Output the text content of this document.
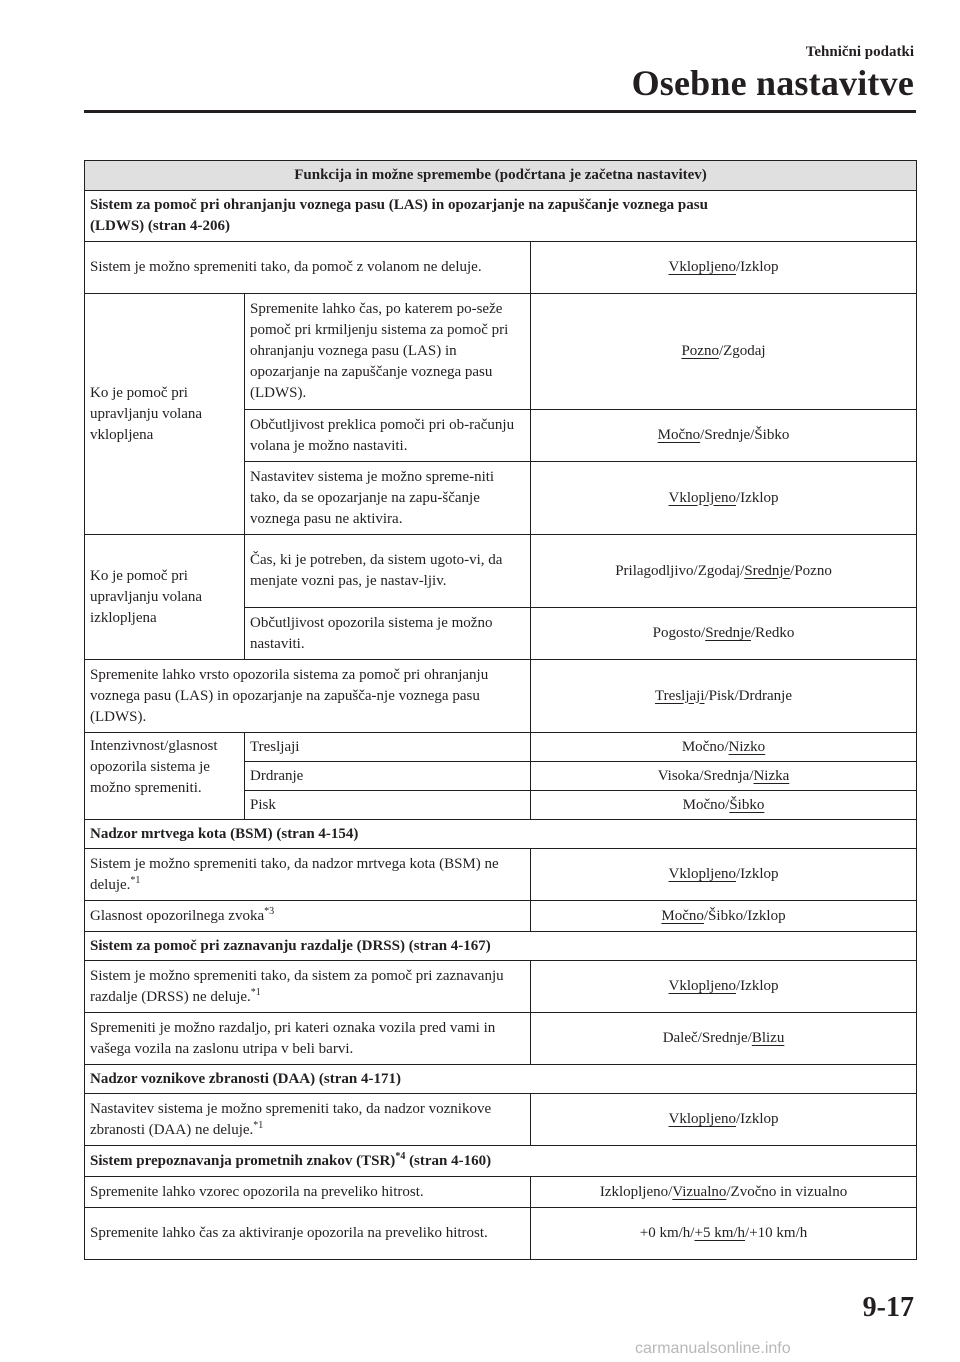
Tehnični podatki
Osebne nastavitve
Funkcija in možne spremembe (podčrtana je začetna nastavitev)		
Sistem za pomoč pri ohranjanju voznega pasu (LAS) in opozarjanje na zapuščanje voznega pasu
(LDWS) (stran 4-206)		
Sistem je možno spremeniti tako, da pomoč z volanom ne deluje.		Vklopljeno/Izklop
Ko je pomoč pri upravljanju volana vklopljena	Spremenite lahko čas, po katerem po-seže pomoč pri krmiljenju sistema za pomoč pri ohranjanju voznega pasu (LAS) in opozarjanje na zapuščanje voznega pasu (LDWS).	Pozno/Zgodaj
	Občutljivost preklica pomoči pri ob-računju volana je možno nastaviti.	Močno/Srednje/Šibko
	Nastavitev sistema je možno spreme-niti tako, da se opozarjanje na zapu-ščanje voznega pasu ne aktivira.	Vklopljeno/Izklop
Ko je pomoč pri upravljanju volana izklopljena	Čas, ki je potreben, da sistem ugoto-vi, da menjate vozni pas, je nastav-ljiv.	Prilagodljivo/Zgodaj/Srednje/Pozno
	Občutljivost opozorila sistema je možno nastaviti.	Pogosto/Srednje/Redko
Spremenite lahko vrsto opozorila sistema za pomoč pri ohranjanju voznega pasu (LAS) in opozarjanje na zapušča-nje voznega pasu (LDWS).		Tresljaji/Pisk/Drdranje
Intenzivnost/glasnost opozorila sistema je možno spremeniti.	Tresljaji	Močno/Nizko
	Drdranje	Visoka/Srednja/Nizka
	Pisk	Močno/Šibko
Nadzor mrtvega kota (BSM) (stran 4-154)		
Sistem je možno spremeniti tako, da nadzor mrtvega kota (BSM) ne deluje.$^{*1}$		Vklopljeno/Izklop
Glasnost opozorilnega zvoka$^{*3}$		Močno/Šibko/Izklop
Sistem za pomoč pri zaznavanju razdalje (DRSS) (stran 4-167)		
Sistem je možno spremeniti tako, da sistem za pomoč pri zaznavanju razdalje (DRSS) ne deluje.$^{*1}$		Vklopljeno/Izklop
Spremeniti je možno razdaljo, pri kateri oznaka vozila pred vami in vašega vozila na zaslonu utripa v beli barvi.		Daleč/Srednje/Blizu
Nadzor voznikove zbranosti (DAA) (stran 4-171)		
Nastavitev sistema je možno spremeniti tako, da nadzor voznikove zbranosti (DAA) ne deluje.$^{*1}$		Vklopljeno/Izklop
Sistem prepoznavanja prometnih znakov (TSR)$^{*4}$ (stran 4-160)		
Spremenite lahko vzorec opozorila na preveliko hitrost.		Izklopljeno/Vizualno/Zvočno in vizualno
Spremenite lahko čas za aktiviranje opozorila na preveliko hitrost.		+0 km/h/+5 km/h/+10 km/h
9-17
carmanualsonline.info
